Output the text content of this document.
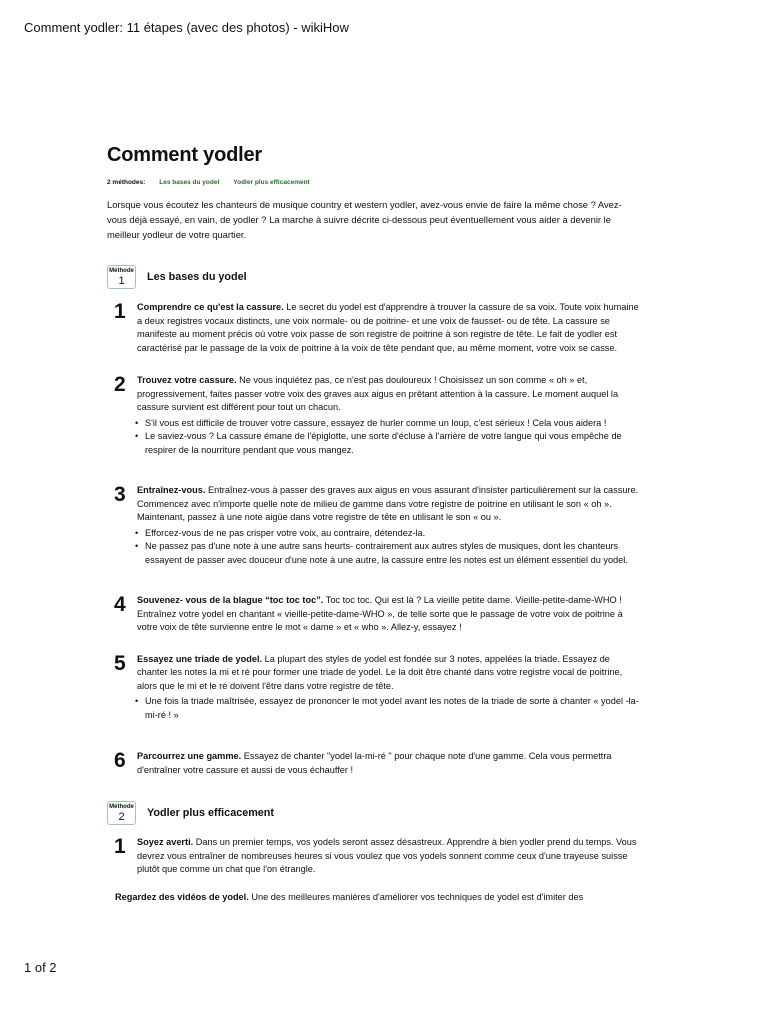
Comment yodler: 11 étapes (avec des photos) - wikiHow
Comment yodler
2 méthodes: Les bases du yodel Yodler plus efficacement
Lorsque vous écoutez les chanteurs de musique country et western yodler, avez-vous envie de faire la même chose ? Avez-vous déjà essayé, en vain, de yodler ? La marche à suivre décrite ci-dessous peut éventuellement vous aider à devenir le meilleur yodleur de votre quartier.
Méthode
1 Les bases du yodel
1 Comprendre ce qu'est la cassure. Le secret du yodel est d'apprendre à trouver la cassure de sa voix. Toute voix humaine a deux registres vocaux distincts, une voix normale- ou de poitrine- et une voix de fausset- ou de tête. La cassure se manifeste au moment précis où votre voix passe de son registre de poitrine à son registre de tête. Le fait de yodler est caractérisé par le passage de la voix de poitrine à la voix de tête pendant que, au même moment, votre voix se casse.
2 Trouvez votre cassure. Ne vous inquiétez pas, ce n'est pas douloureux ! Choisissez un son comme « oh » et, progressivement, faites passer votre voix des graves aux aigus en prêtant attention à la cassure. Le moment auquel la cassure survient est différent pour tout un chacun.
• S'il vous est difficile de trouver votre cassure, essayez de hurler comme un loup, c'est sérieux ! Cela vous aidera !
• Le saviez-vous ? La cassure émane de l'épiglotte, une sorte d'écluse à l'arrière de votre langue qui vous empêche de respirer de la nourriture pendant que vous mangez.
3 Entraînez-vous. Entraînez-vous à passer des graves aux aigus en vous assurant d'insister particulièrement sur la cassure. Commencez avec n'importe quelle note de milieu de gamme dans votre registre de poitrine en utilisant le son « oh ». Maintenant, passez à une note aigüe dans votre registre de tête en utilisant le son « ou ».
• Efforcez-vous de ne pas crisper votre voix, au contraire, détendez-la.
• Ne passez pas d'une note à une autre sans heurts- contrairement aux autres styles de musiques, dont les chanteurs essayent de passer avec douceur d'une note à une autre, la cassure entre les notes est un élément essentiel du yodel.
4 Souvenez- vous de la blague “toc toc toc”. Toc toc toc. Qui est là ? La vieille petite dame. Vieille-petite-dame-WHO ! Entraînez votre yodel en chantant « vieille-petite-dame-WHO », de telle sorte que le passage de votre voix de poitrine à votre voix de tête survienne entre le mot « dame » et « who ». Allez-y, essayez !
5 Essayez une triade de yodel. La plupart des styles de yodel est fondée sur 3 notes, appelées la triade. Essayez de chanter les notes la mi et ré pour former une triade de yodel. Le la doit être chanté dans votre registre vocal de poitrine, alors que le mi et le ré doivent l'être dans votre registre de tête.
• Une fois la triade maîtrisée, essayez de prononcer le mot yodel avant les notes de la triade de sorte à chanter « yodel -la-mi-ré ! »
6 Parcourrez une gamme. Essayez de chanter "yodel la-mi-ré " pour chaque note d'une gamme. Cela vous permettra d'entraîner votre cassure et aussi de vous échauffer !
Méthode
2 Yodler plus efficacement
1 Soyez averti. Dans un premier temps, vos yodels seront assez désastreux. Apprendre à bien yodler prend du temps. Vous devrez vous entraîner de nombreuses heures si vous voulez que vos yodels sonnent comme ceux d'une trayeuse suisse plutôt que comme un chat que l'on étrangle.
Regardez des vidéos de yodel. Une des meilleures manières d'améliorer vos techniques de yodel est d'imiter des
1 of 2
